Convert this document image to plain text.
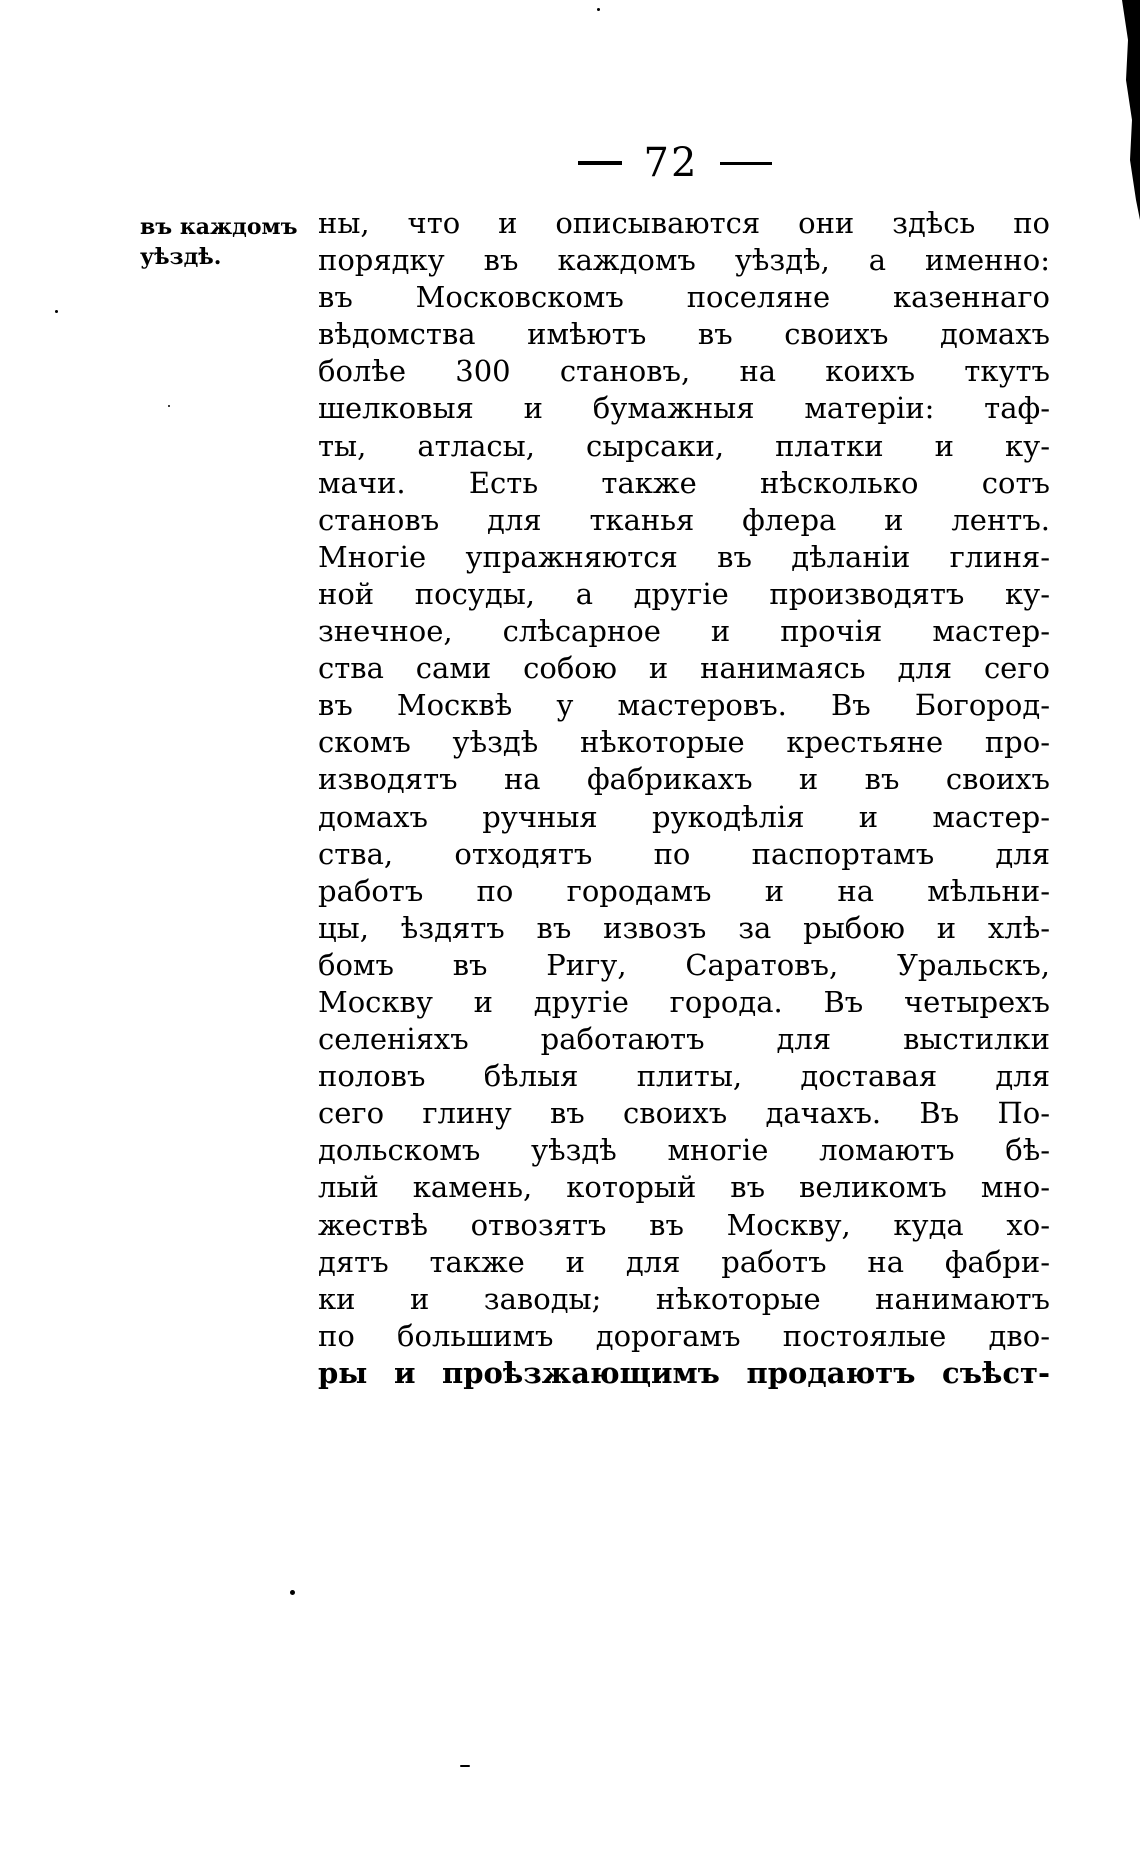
72
въ каждомъ
уѣздѣ.
ны, что и описываются они здѣсь по
порядку въ каждомъ уѣздѣ, а именно:
въ Московскомъ поселяне казеннаго
вѣдомства имѣютъ въ своихъ домахъ
болѣе 300 становъ, на коихъ ткутъ
шелковыя и бумажныя матеріи: таф-
ты, атласы, сырсаки, платки и ку-
мачи. Есть также нѣсколько сотъ
становъ для тканья флера и лентъ.
Многіе упражняются въ дѣланіи глиня-
ной посуды, а другіе производятъ ку-
знечное, слѣсарное и прочія мастер-
ства сами собою и нанимаясь для сего
въ Москвѣ у мастеровъ. Въ Богород-
скомъ уѣздѣ нѣкоторые крестьяне про-
изводятъ на фабрикахъ и въ своихъ
домахъ ручныя рукодѣлія и мастер-
ства, отходятъ по паспортамъ для
работъ по городамъ и на мѣльни-
цы, ѣздятъ въ извозъ за рыбою и хлѣ-
бомъ въ Ригу, Саратовъ, Уральскъ,
Москву и другіе города. Въ четырехъ
селеніяхъ работаютъ для выстилки
половъ бѣлыя плиты, доставая для
сего глину въ своихъ дачахъ. Въ По-
дольскомъ уѣздѣ многіе ломаютъ бѣ-
лый камень, который въ великомъ мно-
жествѣ отвозятъ въ Москву, куда хо-
дятъ также и для работъ на фабри-
ки и заводы; нѣкоторые нанимаютъ
по большимъ дорогамъ постоялые дво-
ры и проѣзжающимъ продаютъ съѣст-
